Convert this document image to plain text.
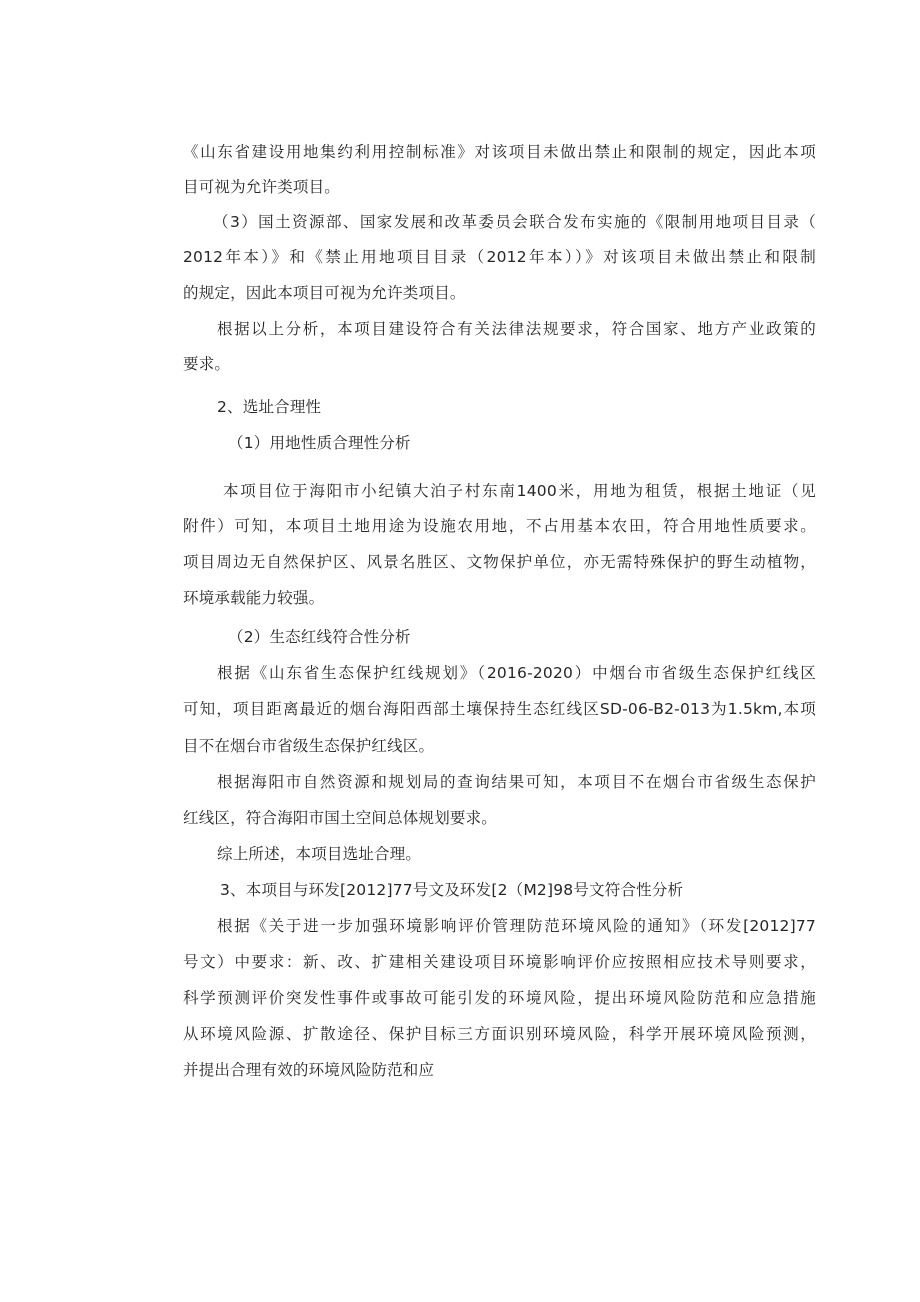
《山东省建设用地集约利用控制标准》对该项目未做出禁止和限制的规定，因此本项
目可视为允许类项目。
（3）国土资源部、国家发展和改革委员会联合发布实施的《限制用地项目目录（
2012年本）》和《禁止用地项目目录（2012年本））》对该项目未做出禁止和限制
的规定，因此本项目可视为允许类项目。
根据以上分析，本项目建设符合有关法律法规要求，符合国家、地方产业政策的
要求。
2、选址合理性
（1）用地性质合理性分析
本项目位于海阳市小纪镇大泊子村东南1400米，用地为租赁，根据土地证（见
附件）可知，本项目土地用途为设施农用地，不占用基本农田，符合用地性质要求。
项目周边无自然保护区、风景名胜区、文物保护单位，亦无需特殊保护的野生动植物，
环境承载能力较强。
（2）生态红线符合性分析
根据《山东省生态保护红线规划》（2016-2020）中烟台市省级生态保护红线区
可知，项目距离最近的烟台海阳西部土壤保持生态红线区SD-06-B2-013为1.5km,本项
目不在烟台市省级生态保护红线区。
根据海阳市自然资源和规划局的查询结果可知，本项目不在烟台市省级生态保护
红线区，符合海阳市国土空间总体规划要求。
综上所述，本项目选址合理。
3、本项目与环发[2012]77号文及环发[2（M2]98号文符合性分析
根据《关于进一步加强环境影响评价管理防范环境风险的通知》（环发[2012]77
号文）中要求：新、改、扩建相关建设项目环境影响评价应按照相应技术导则要求，
科学预测评价突发性事件或事故可能引发的环境风险，提出环境风险防范和应急措施
从环境风险源、扩散途径、保护目标三方面识别环境风险，科学开展环境风险预测，
并提出合理有效的环境风险防范和应
